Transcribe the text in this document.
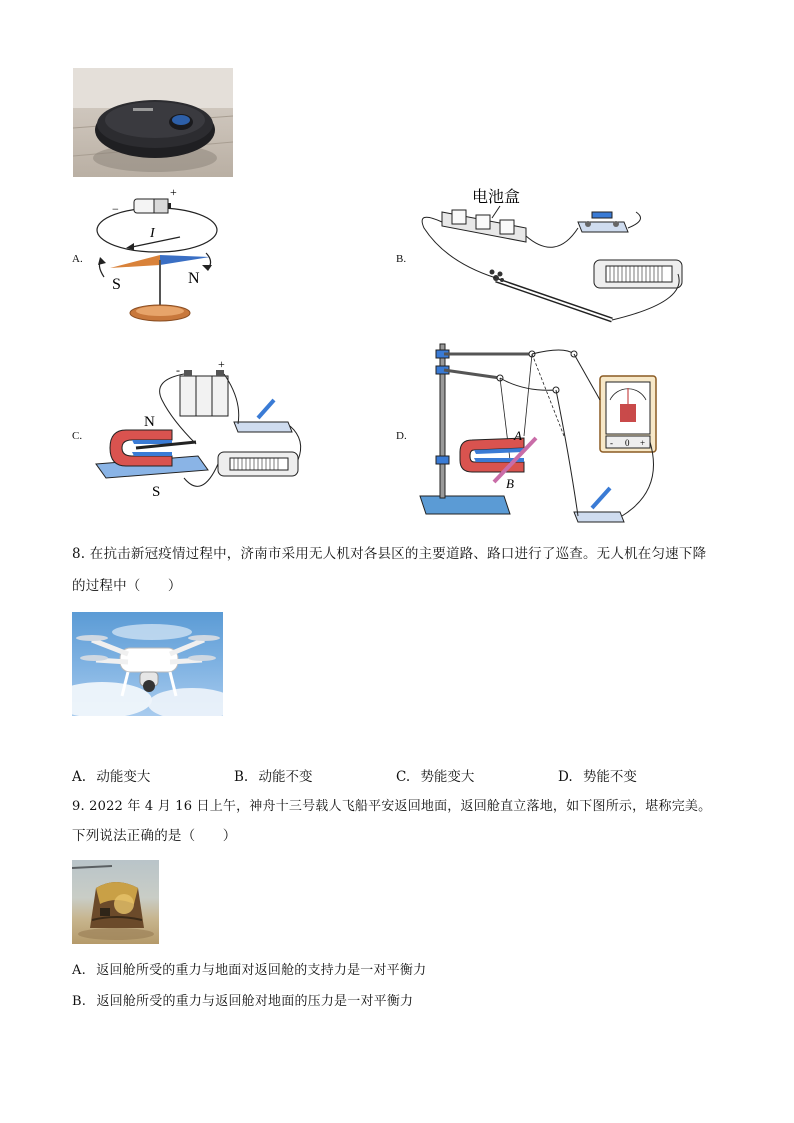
A.
+
−
I
S	N
B.
电池盒
C.
-	+
N
S
D.	A
B
- 0 +
8. 在抗击新冠疫情过程中，济南市采用无人机对各县区的主要道路、路口进行了巡查。无人机在匀速下降
的过程中（　　）
A. 动能变大	B. 动能不变	C. 势能变大	D. 势能不变
9. 2022 年 4 月 16 日上午，神舟十三号载人飞船平安返回地面，返回舱直立落地，如下图所示，堪称完美。
下列说法正确的是（　　）
A. 返回舱所受的重力与地面对返回舱的支持力是一对平衡力
B. 返回舱所受的重力与返回舱对地面的压力是一对平衡力
